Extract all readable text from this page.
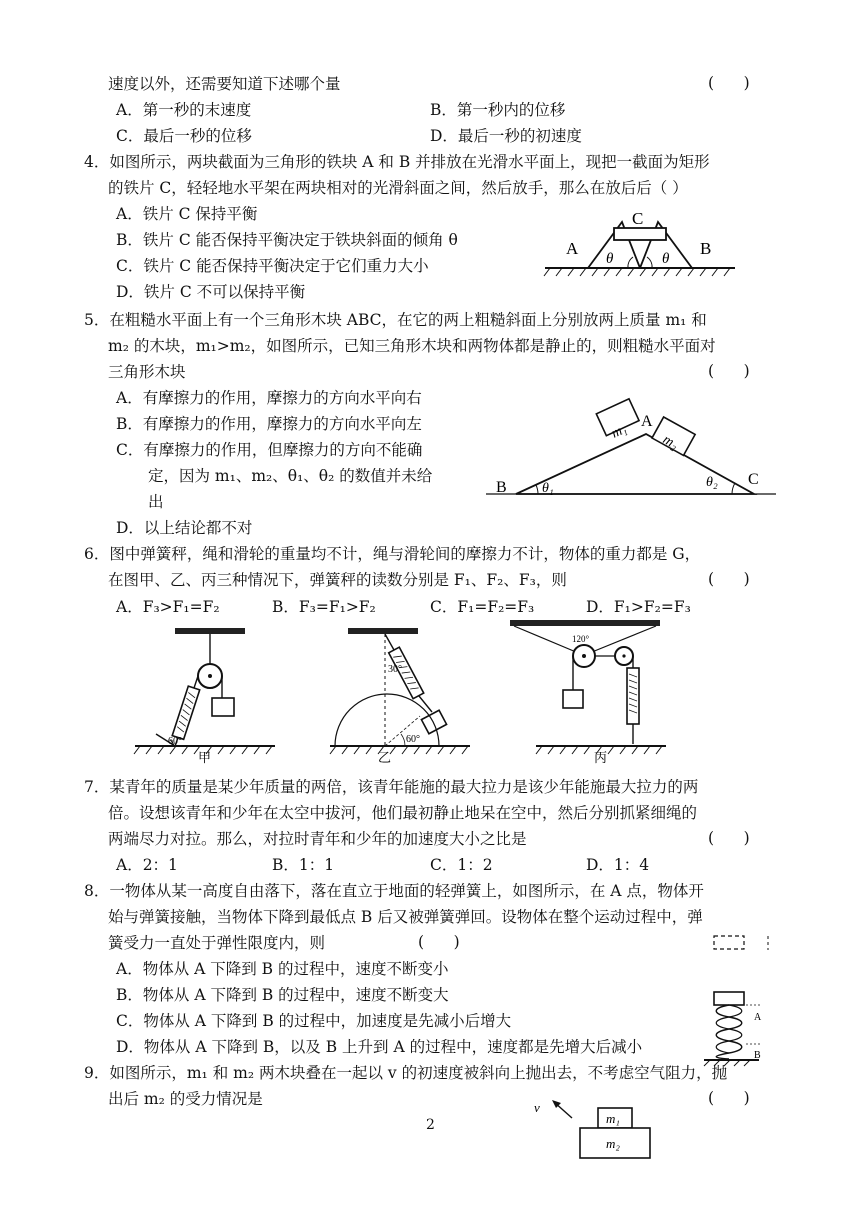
速度以外，还需要知道下述哪个量	(      )
A．第一秒的末速度	B．第一秒内的位移
C．最后一秒的位移	D．最后一秒的初速度
4．如图所示，两块截面为三角形的铁块 A 和 B 并排放在光滑水平面上，现把一截面为矩形
的铁片 C，轻轻地水平架在两块相对的光滑斜面之间，然后放手，那么在放后后（ ）
A．铁片 C 保持平衡
B．铁片 C 能否保持平衡决定于铁块斜面的倾角 θ
C．铁片 C 能否保持平衡决定于它们重力大小
D．铁片 C 不可以保持平衡
A	B
C
θ	θ
5．在粗糙水平面上有一个三角形木块 ABC，在它的两上粗糙斜面上分别放两上质量 m₁ 和
m₂ 的木块，m₁>m₂，如图所示，已知三角形木块和两物体都是静止的，则粗糙水平面对
三角形木块	(      )
A．有摩擦力的作用，摩擦力的方向水平向右
B．有摩擦力的作用，摩擦力的方向水平向左
C．有摩擦力的作用，但摩擦力的方向不能确
定，因为 m₁、m₂、θ₁、θ₂ 的数值并未给
出
D．以上结论都不对
B
A
C
m₁
m₂
θ₁	θ₂
6．图中弹簧秤，绳和滑轮的重量均不计，绳与滑轮间的摩擦力不计，物体的重力都是 G，
在图甲、乙、丙三种情况下，弹簧秤的读数分别是 F₁、F₂、F₃，则	(      )
A．F₃>F₁=F₂	B．F₃=F₁>F₂	C．F₁=F₂=F₃	D．F₁>F₂=F₃
60°
甲
30°
60°
乙
120°
丙
7．某青年的质量是某少年质量的两倍，该青年能施的最大拉力是该少年能施最大拉力的两
倍。设想该青年和少年在太空中拔河，他们最初静止地呆在空中，然后分别抓紧细绳的
两端尽力对拉。那么，对拉时青年和少年的加速度大小之比是	(      )
A．2：1	B．1：1	C．1：2	D．1：4
8．一物体从某一高度自由落下，落在直立于地面的轻弹簧上，如图所示，在 A 点，物体开
始与弹簧接触，当物体下降到最低点 B 后又被弹簧弹回。设物体在整个运动过程中，弹
簧受力一直处于弹性限度内，则	(      )
A．物体从 A 下降到 B 的过程中，速度不断变小
B．物体从 A 下降到 B 的过程中，速度不断变大
C．物体从 A 下降到 B 的过程中，加速度是先减小后增大
D．物体从 A 下降到 B，以及 B 上升到 A 的过程中，速度都是先增大后减小
A
B
9．如图所示，m₁ 和 m₂ 两木块叠在一起以 v 的初速度被斜向上抛出去，不考虑空气阻力，抛
出后 m₂ 的受力情况是	(      )
v
m₁
m₂
2
